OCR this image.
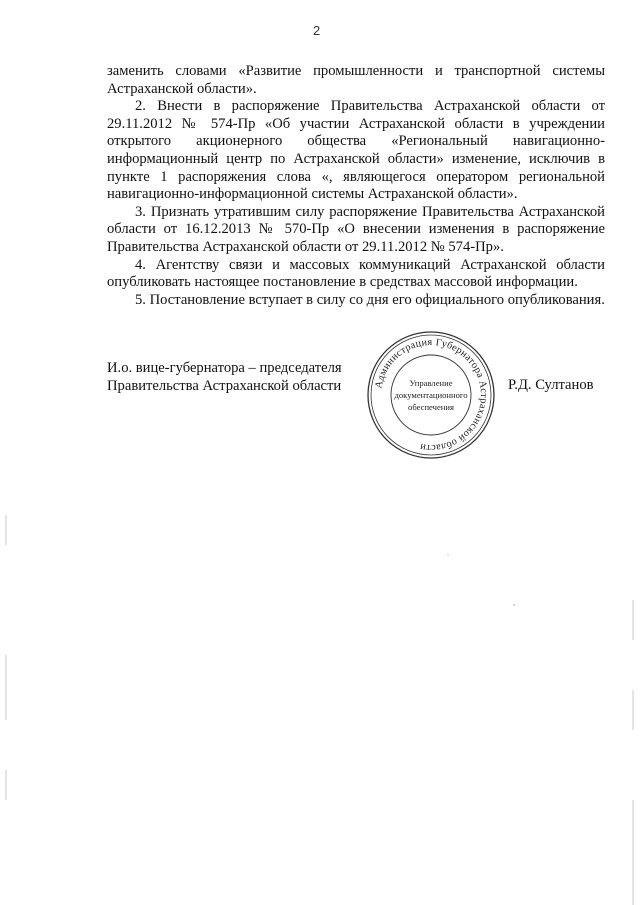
2

заменить словами «Развитие промышленности и транспортной системы Астраханской области».

2. Внести в распоряжение Правительства Астраханской области от 29.11.2012 № 574-Пр «Об участии Астраханской области в учреждении открытого акционерного общества «Региональный навигационно-информационный центр по Астраханской области» изменение, исключив в пункте 1 распоряжения слова «, являющегося оператором региональной навигационно-информационной системы Астраханской области».

3. Признать утратившим силу распоряжение Правительства Астраханской области от 16.12.2013 № 570-Пр «О внесении изменения в распоряжение Правительства Астраханской области от 29.11.2012 № 574-Пр».

4. Агентству связи и массовых коммуникаций Астраханской области опубликовать настоящее постановление в средствах массовой информации.

5. Постановление вступает в силу со дня его официального опубликования.

И.о. вице-губернатора – председателя
Правительства Астраханской области	Р.Д. Султанов
Администрация Губернатора Астраханской области
Управление
документационного
обеспечения
